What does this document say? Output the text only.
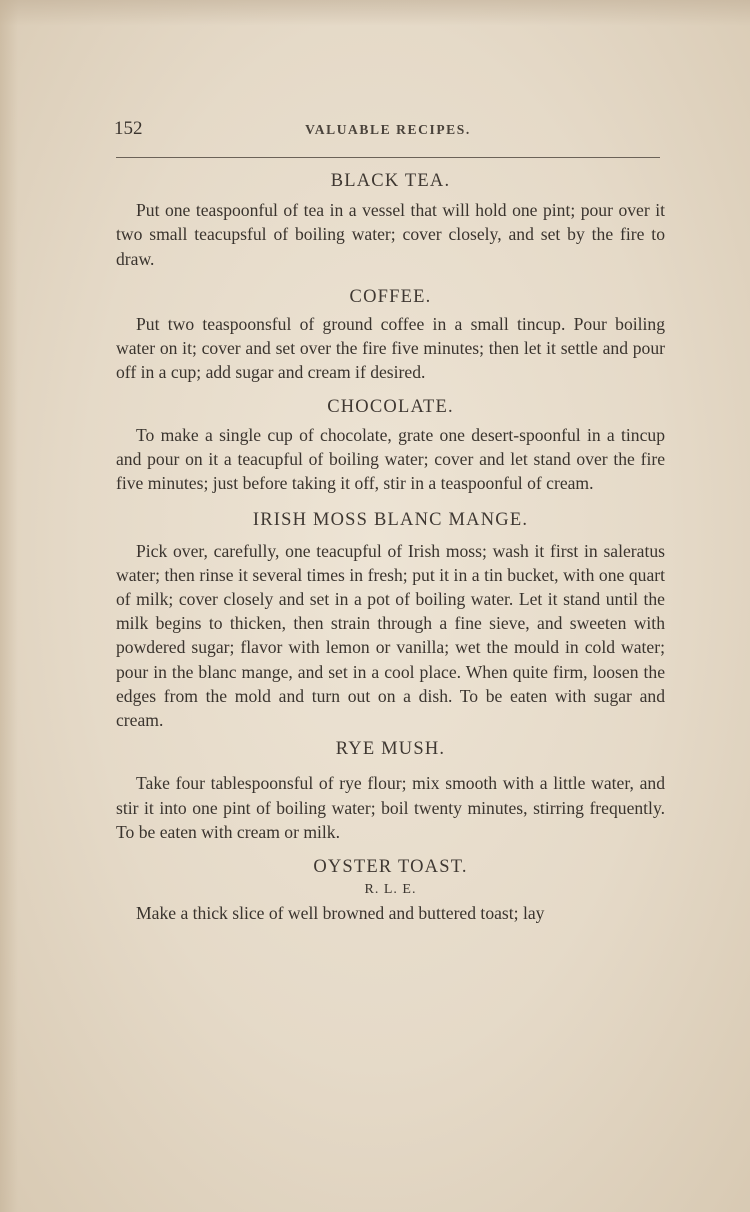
152	VALUABLE RECIPES.
BLACK TEA.

Put one teaspoonful of tea in a vessel that will hold one pint; pour over it two small teacupsful of boiling water; cover closely, and set by the fire to draw.

COFFEE.

Put two teaspoonsful of ground coffee in a small tincup. Pour boiling water on it; cover and set over the fire five minutes; then let it settle and pour off in a cup; add sugar and cream if desired.

CHOCOLATE.

To make a single cup of chocolate, grate one desert-spoonful in a tincup and pour on it a teacupful of boiling water; cover and let stand over the fire five minutes; just before taking it off, stir in a teaspoonful of cream.

IRISH MOSS BLANC MANGE.

Pick over, carefully, one teacupful of Irish moss; wash it first in saleratus water; then rinse it several times in fresh; put it in a tin bucket, with one quart of milk; cover closely and set in a pot of boiling water. Let it stand until the milk begins to thicken, then strain through a fine sieve, and sweeten with powdered sugar; flavor with lemon or vanilla; wet the mould in cold water; pour in the blanc mange, and set in a cool place. When quite firm, loosen the edges from the mold and turn out on a dish. To be eaten with sugar and cream.

RYE MUSH.

Take four tablespoonsful of rye flour; mix smooth with a little water, and stir it into one pint of boiling water; boil twenty minutes, stirring frequently. To be eaten with cream or milk.

OYSTER TOAST.
R. L. E.

Make a thick slice of well browned and buttered toast; lay
